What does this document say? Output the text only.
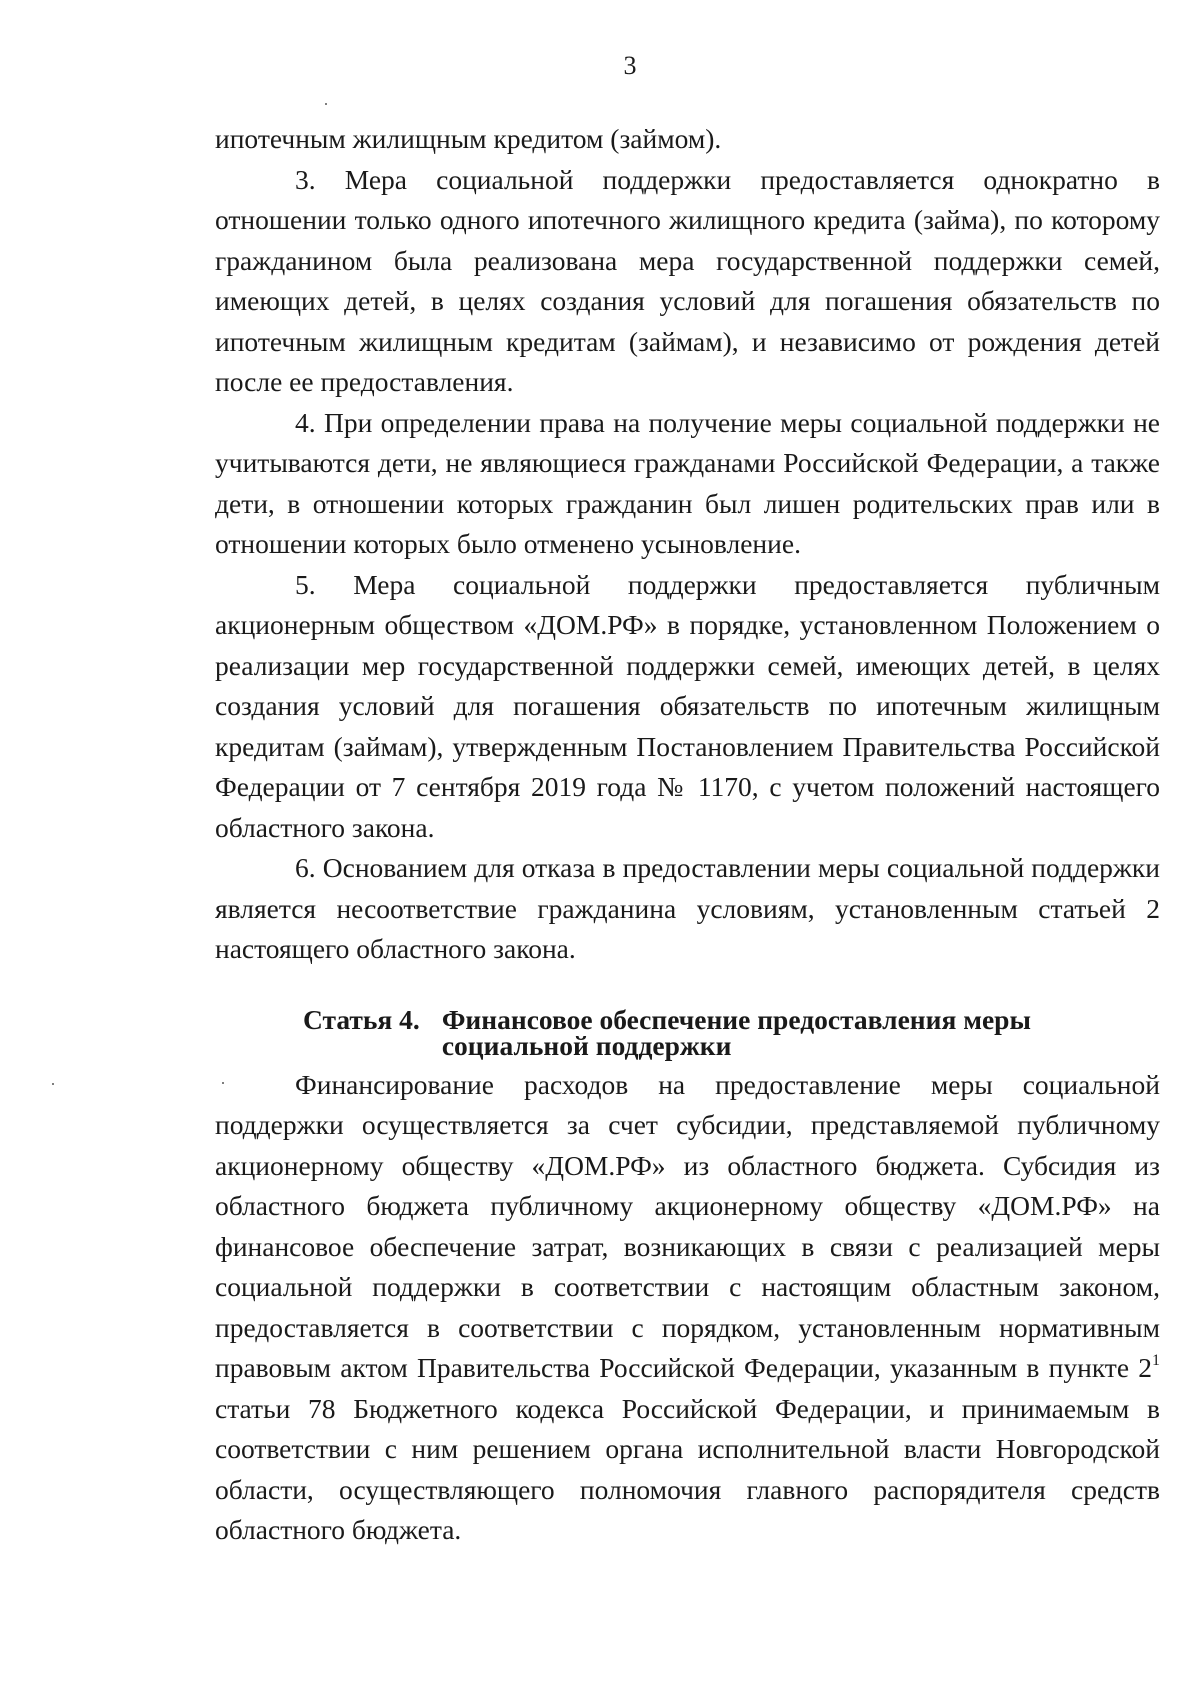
3

ипотечным жилищным кредитом (займом).

3. Мера социальной поддержки предоставляется однократно в отношении только одного ипотечного жилищного кредита (займа), по которому гражданином была реализована мера государственной поддержки семей, имеющих детей, в целях создания условий для погашения обязательств по ипотечным жилищным кредитам (займам), и независимо от рождения детей после ее предоставления.

4. При определении права на получение меры социальной поддержки не учитываются дети, не являющиеся гражданами Российской Федерации, а также дети, в отношении которых гражданин был лишен родительских прав или в отношении которых было отменено усыновление.

5. Мера социальной поддержки предоставляется публичным акционерным обществом «ДОМ.РФ» в порядке, установленном Положением о реализации мер государственной поддержки семей, имеющих детей, в целях создания условий для погашения обязательств по ипотечным жилищным кредитам (займам), утвержденным Постановлением Правительства Российской Федерации от 7 сентября 2019 года № 1170, с учетом положений настоящего областного закона.

6. Основанием для отказа в предоставлении меры социальной поддержки является несоответствие гражданина условиям, установленным статьей 2 настоящего областного закона.

Статья 4. Финансовое обеспечение предоставления меры социальной поддержки

Финансирование расходов на предоставление меры социальной поддержки осуществляется за счет субсидии, представляемой публичному акционерному обществу «ДОМ.РФ» из областного бюджета. Субсидия из областного бюджета публичному акционерному обществу «ДОМ.РФ» на финансовое обеспечение затрат, возникающих в связи с реализацией меры социальной поддержки в соответствии с настоящим областным законом, предоставляется в соответствии с порядком, установленным нормативным правовым актом Правительства Российской Федерации, указанным в пункте $2^1$ статьи 78 Бюджетного кодекса Российской Федерации, и принимаемым в соответствии с ним решением органа исполнительной власти Новгородской области, осуществляющего полномочия главного распорядителя средств областного бюджета.
